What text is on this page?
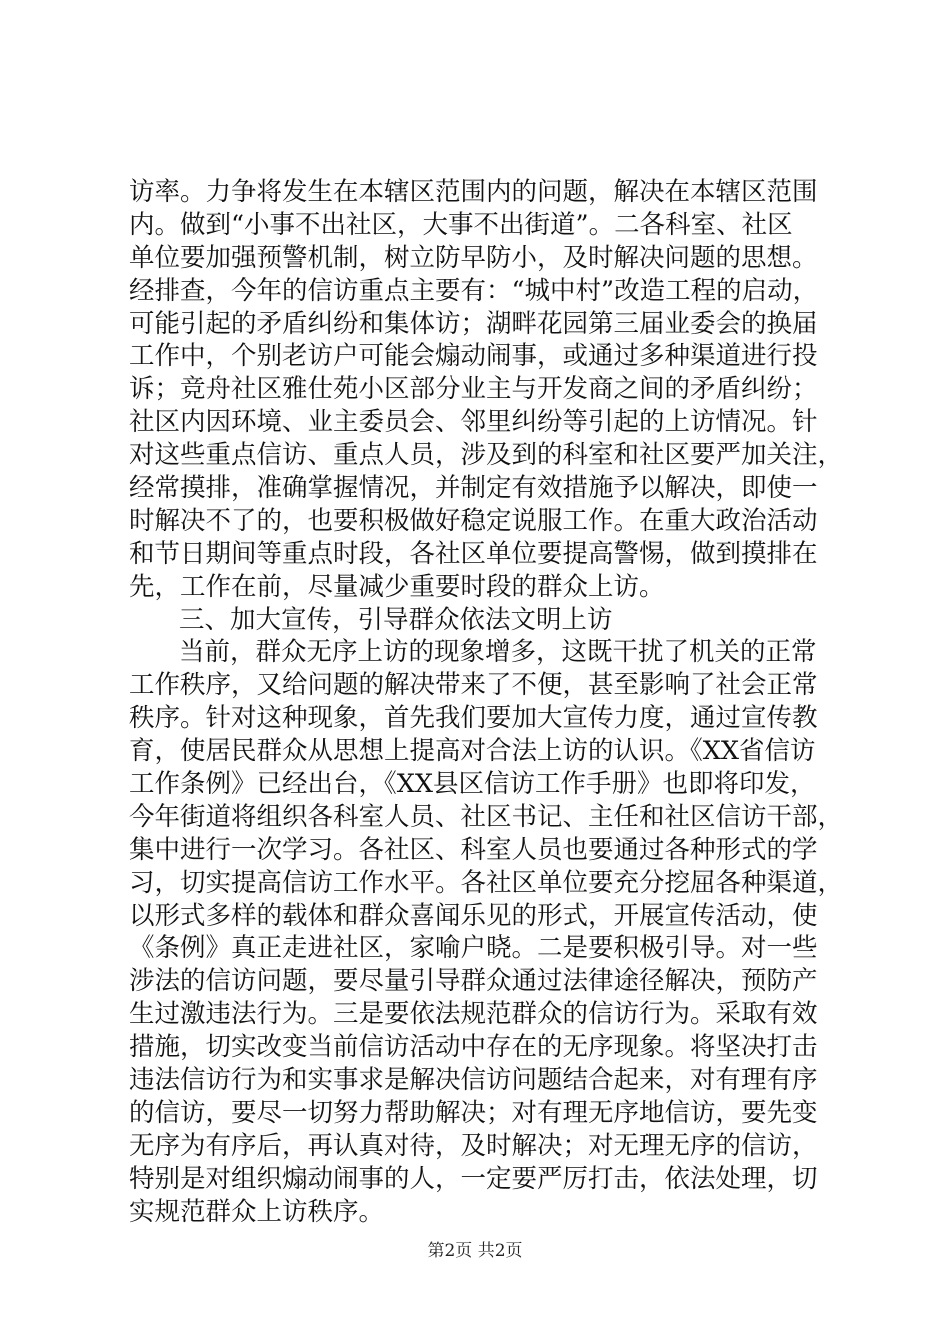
访率。力争将发生在本辖区范围内的问题，解决在本辖区范围
内。做到“小事不出社区，大事不出街道”。二各科室、社区
单位要加强预警机制，树立防早防小，及时解决问题的思想。
经排查，今年的信访重点主要有：“城中村”改造工程的启动，
可能引起的矛盾纠纷和集体访；湖畔花园第三届业委会的换届
工作中，个别老访户可能会煽动闹事，或通过多种渠道进行投
诉；竞舟社区雅仕苑小区部分业主与开发商之间的矛盾纠纷；
社区内因环境、业主委员会、邻里纠纷等引起的上访情况。针
对这些重点信访、重点人员，涉及到的科室和社区要严加关注，
经常摸排，准确掌握情况，并制定有效措施予以解决，即使一
时解决不了的，也要积极做好稳定说服工作。在重大政治活动
和节日期间等重点时段，各社区单位要提高警惕，做到摸排在
先，工作在前，尽量减少重要时段的群众上访。
三、加大宣传，引导群众依法文明上访
当前，群众无序上访的现象增多，这既干扰了机关的正常
工作秩序，又给问题的解决带来了不便，甚至影响了社会正常
秩序。针对这种现象，首先我们要加大宣传力度，通过宣传教
育，使居民群众从思想上提高对合法上访的认识。《XX省信访
工作条例》已经出台，《XX县区信访工作手册》也即将印发，
今年街道将组织各科室人员、社区书记、主任和社区信访干部，
集中进行一次学习。各社区、科室人员也要通过各种形式的学
习，切实提高信访工作水平。各社区单位要充分挖屈各种渠道，
以形式多样的载体和群众喜闻乐见的形式，开展宣传活动，使
《条例》真正走进社区，家喻户晓。二是要积极引导。对一些
涉法的信访问题，要尽量引导群众通过法律途径解决，预防产
生过激违法行为。三是要依法规范群众的信访行为。采取有效
措施，切实改变当前信访活动中存在的无序现象。将坚决打击
违法信访行为和实事求是解决信访问题结合起来，对有理有序
的信访，要尽一切努力帮助解决；对有理无序地信访，要先变
无序为有序后，再认真对待，及时解决；对无理无序的信访，
特别是对组织煽动闹事的人，一定要严厉打击，依法处理，切
实规范群众上访秩序。
第2页 共2页
